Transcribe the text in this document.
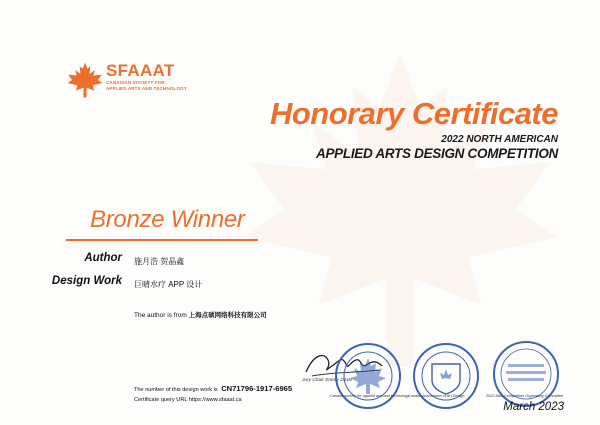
SFAAAT
CANADIAN SOCIETY FOR
APPLIED ARTS AND TECHNOLOGY
Honorary Certificate
2022 NORTH AMERICAN
APPLIED ARTS DESIGN COMPETITION
Bronze Winner
Author 施月浩 贺晶鑫
Design Work 巨晴水疗 APP 设计
The author is from 上海点硕网络科技有限公司
The number of this design work is CN71796-1917-6965
Certificate query URL https://www.sfaaat.ca
Jury Chair Emery Davis
Canada society for applied arts and technology
Canada Association of Art Design	2022 AAA Competition Organizing Committee
March 2023
